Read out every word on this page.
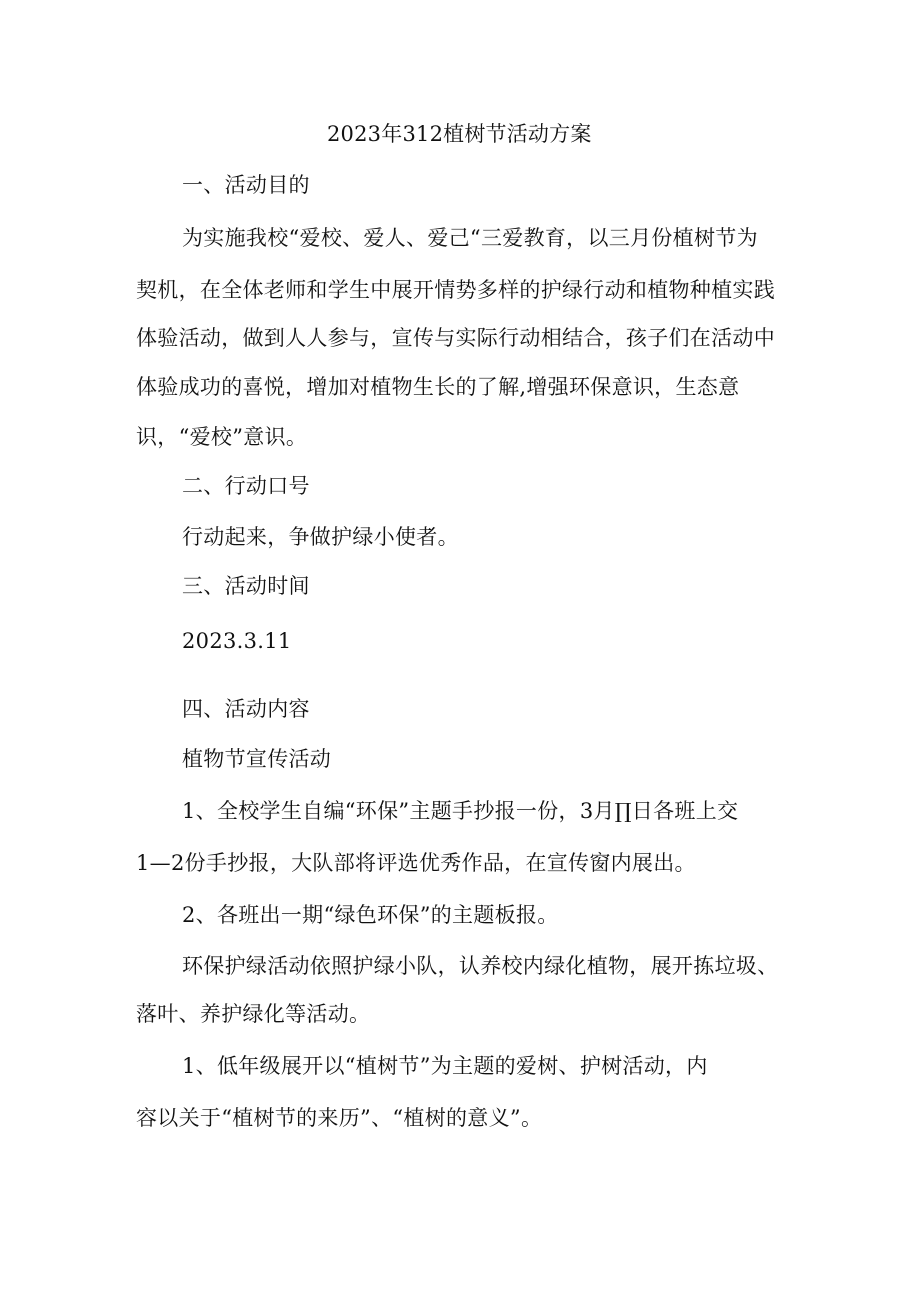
2023年312植树节活动方案
一、活动目的
为实施我校“爱校、爱人、爱己“三爱教育，以三月份植树节为
契机，在全体老师和学生中展开情势多样的护绿行动和植物种植实践
体验活动，做到人人参与，宣传与实际行动相结合，孩子们在活动中
体验成功的喜悦，增加对植物生长的了解,增强环保意识，生态意
识，“爱校”意识。
二、行动口号
行动起来，争做护绿小使者。
三、活动时间
2023.3.11
四、活动内容
植物节宣传活动
1、全校学生自编“环保”主题手抄报一份，3月∏日各班上交
1—2份手抄报，大队部将评选优秀作品，在宣传窗内展出。
2、各班出一期“绿色环保”的主题板报。
环保护绿活动依照护绿小队，认养校内绿化植物，展开拣垃圾、
落叶、养护绿化等活动。
1、低年级展开以“植树节”为主题的爱树、护树活动，内
容以关于“植树节的来历”、“植树的意义”。
